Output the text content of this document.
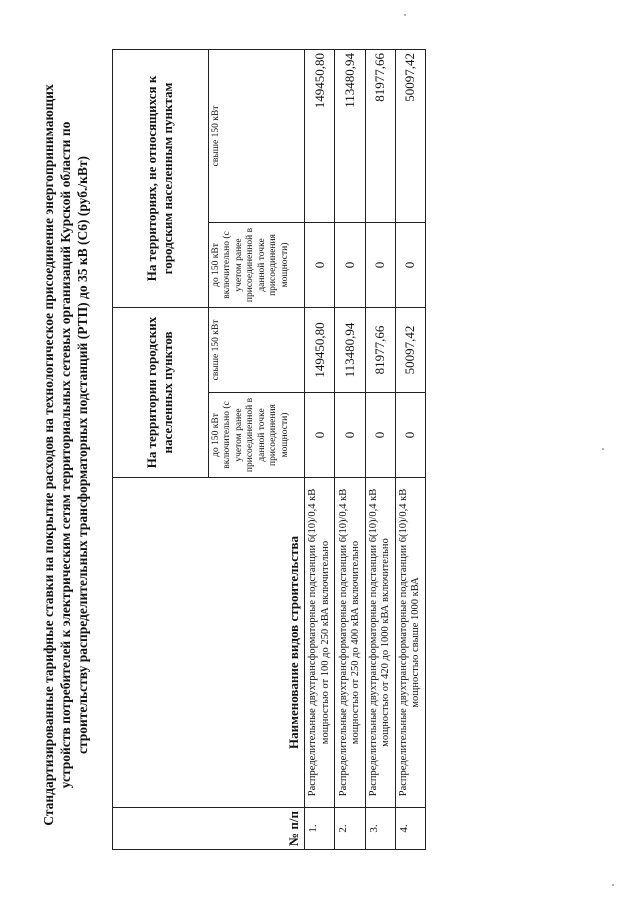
Стандартизированные тарифные ставки на покрытие расходов на технологическое присоединение энергопринимающих устройств потребителей к электрическим сетям территориальных сетевых организаций Курской области по строительству распределительных трансформаторных подстанций (РТП) до 35 кВ (С6) (руб./кВт)
№ п/п	Наименование видов строительства	На территории городских населенных пунктов		На территориях, не относящихся к городским населенным пунктам	
		до 150 кВт включительно (с учетом ранее присоединенной в данной точке присоединения мощности)	свыше 150 кВт	до 150 кВт включительно (с учетом ранее присоединенной в данной точке присоединения мощности)	свыше 150 кВт
1.	Распределительные двухтрансформаторные подстанции 6(10)/0,4 кВ мощностью от 100 до 250 кВА включительно	0	149450,80	0	149450,80
2.	Распределительные двухтрансформаторные подстанции 6(10)/0,4 кВ мощностью от 250 до 400 кВА включительно	0	113480,94	0	113480,94
3.	Распределительные двухтрансформаторные подстанции 6(10)/0,4 кВ мощностью от 420 до 1000 кВА включительно	0	81977,66	0	81977,66
4.	Распределительные двухтрансформаторные подстанции 6(10)/0,4 кВ мощностью свыше 1000 кВА	0	50097,42	0	50097,42
